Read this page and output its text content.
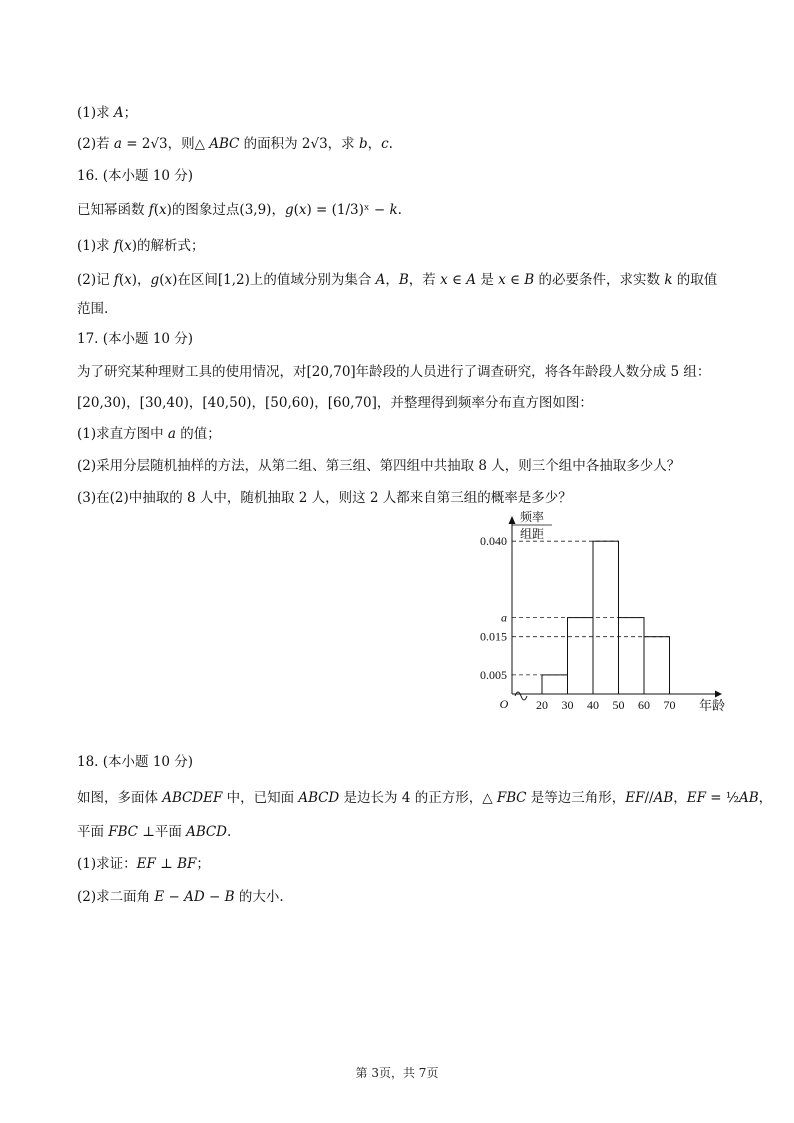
(1)求 𝐴；
(2)若 𝑎 = 2√3，则△ 𝐴𝐵𝐶 的面积为 2√3，求 𝑏，𝑐.
16. (本小题 10 分)
已知幂函数 𝑓(𝑥)的图象过点(3,9)，𝑔(𝑥) = (1/3)ˣ − 𝑘.
(1)求 𝑓(𝑥)的解析式；
(2)记 𝑓(𝑥)，𝑔(𝑥)在区间[1,2)上的值域分别为集合 𝐴，𝐵，若 𝑥 ∈ 𝐴 是 𝑥 ∈ 𝐵 的必要条件，求实数 𝑘 的取值
范围.
17. (本小题 10 分)
为了研究某种理财工具的使用情况，对[20,70]年龄段的人员进行了调查研究，将各年龄段人数分成 5 组：
[20,30)，[30,40)，[40,50)，[50,60)，[60,70]，并整理得到频率分布直方图如图：
(1)求直方图中 𝑎 的值；
(2)采用分层随机抽样的方法，从第二组、第三组、第四组中共抽取 8 人，则三个组中各抽取多少人？
(3)在(2)中抽取的 8 人中，随机抽取 2 人，则这 2 人都来自第三组的概率是多少？
0.040
a
0.015
0.005
20 30 40 50 60 70
O
频率
组距
年龄
18. (本小题 10 分)
如图，多面体 𝐴𝐵𝐶𝐷𝐸𝐹 中，已知面 𝐴𝐵𝐶𝐷 是边长为 4 的正方形，△ 𝐹𝐵𝐶 是等边三角形，𝐸𝐹//𝐴𝐵，𝐸𝐹 = ½𝐴𝐵，
平面 𝐹𝐵𝐶 ⊥平面 𝐴𝐵𝐶𝐷.
(1)求证：𝐸𝐹 ⊥ 𝐵𝐹；
(2)求二面角 𝐸 − 𝐴𝐷 − 𝐵 的大小.
第 3页，共 7页
